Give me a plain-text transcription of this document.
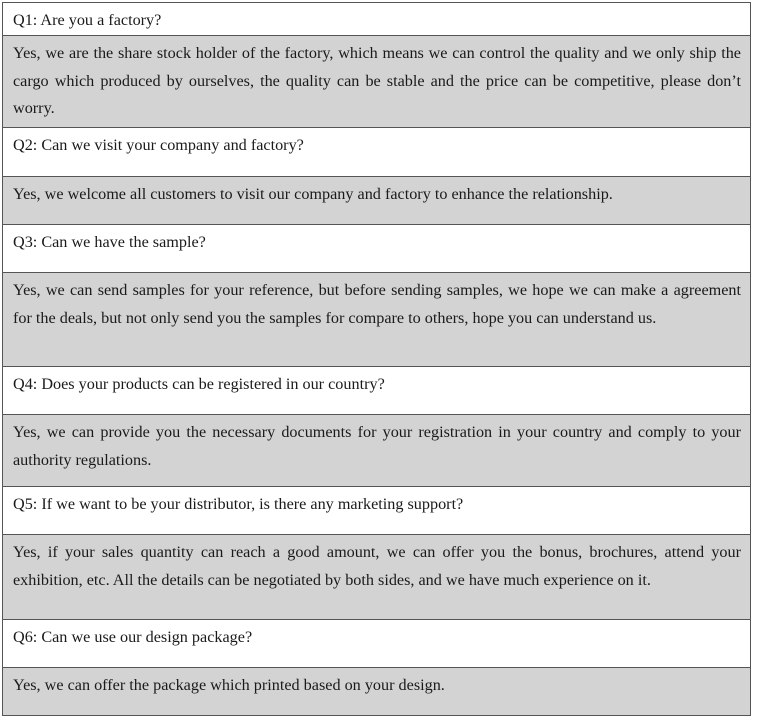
Q1: Are you a factory?
Yes, we are the share stock holder of the factory, which means we can control the quality and we only ship the cargo which produced by ourselves, the quality can be stable and the price can be competitive, please don’t worry.
Q2: Can we visit your company and factory?
Yes, we welcome all customers to visit our company and factory to enhance the relationship.
Q3: Can we have the sample?
Yes, we can send samples for your reference, but before sending samples, we hope we can make a agreement for the deals, but not only send you the samples for compare to others, hope you can understand us.
Q4: Does your products can be registered in our country?
Yes, we can provide you the necessary documents for your registration in your country and comply to your authority regulations.
Q5: If we want to be your distributor, is there any marketing support?
Yes, if your sales quantity can reach a good amount, we can offer you the bonus, brochures, attend your exhibition, etc. All the details can be negotiated by both sides, and we have much experience on it.
Q6: Can we use our design package?
Yes, we can offer the package which printed based on your design.
